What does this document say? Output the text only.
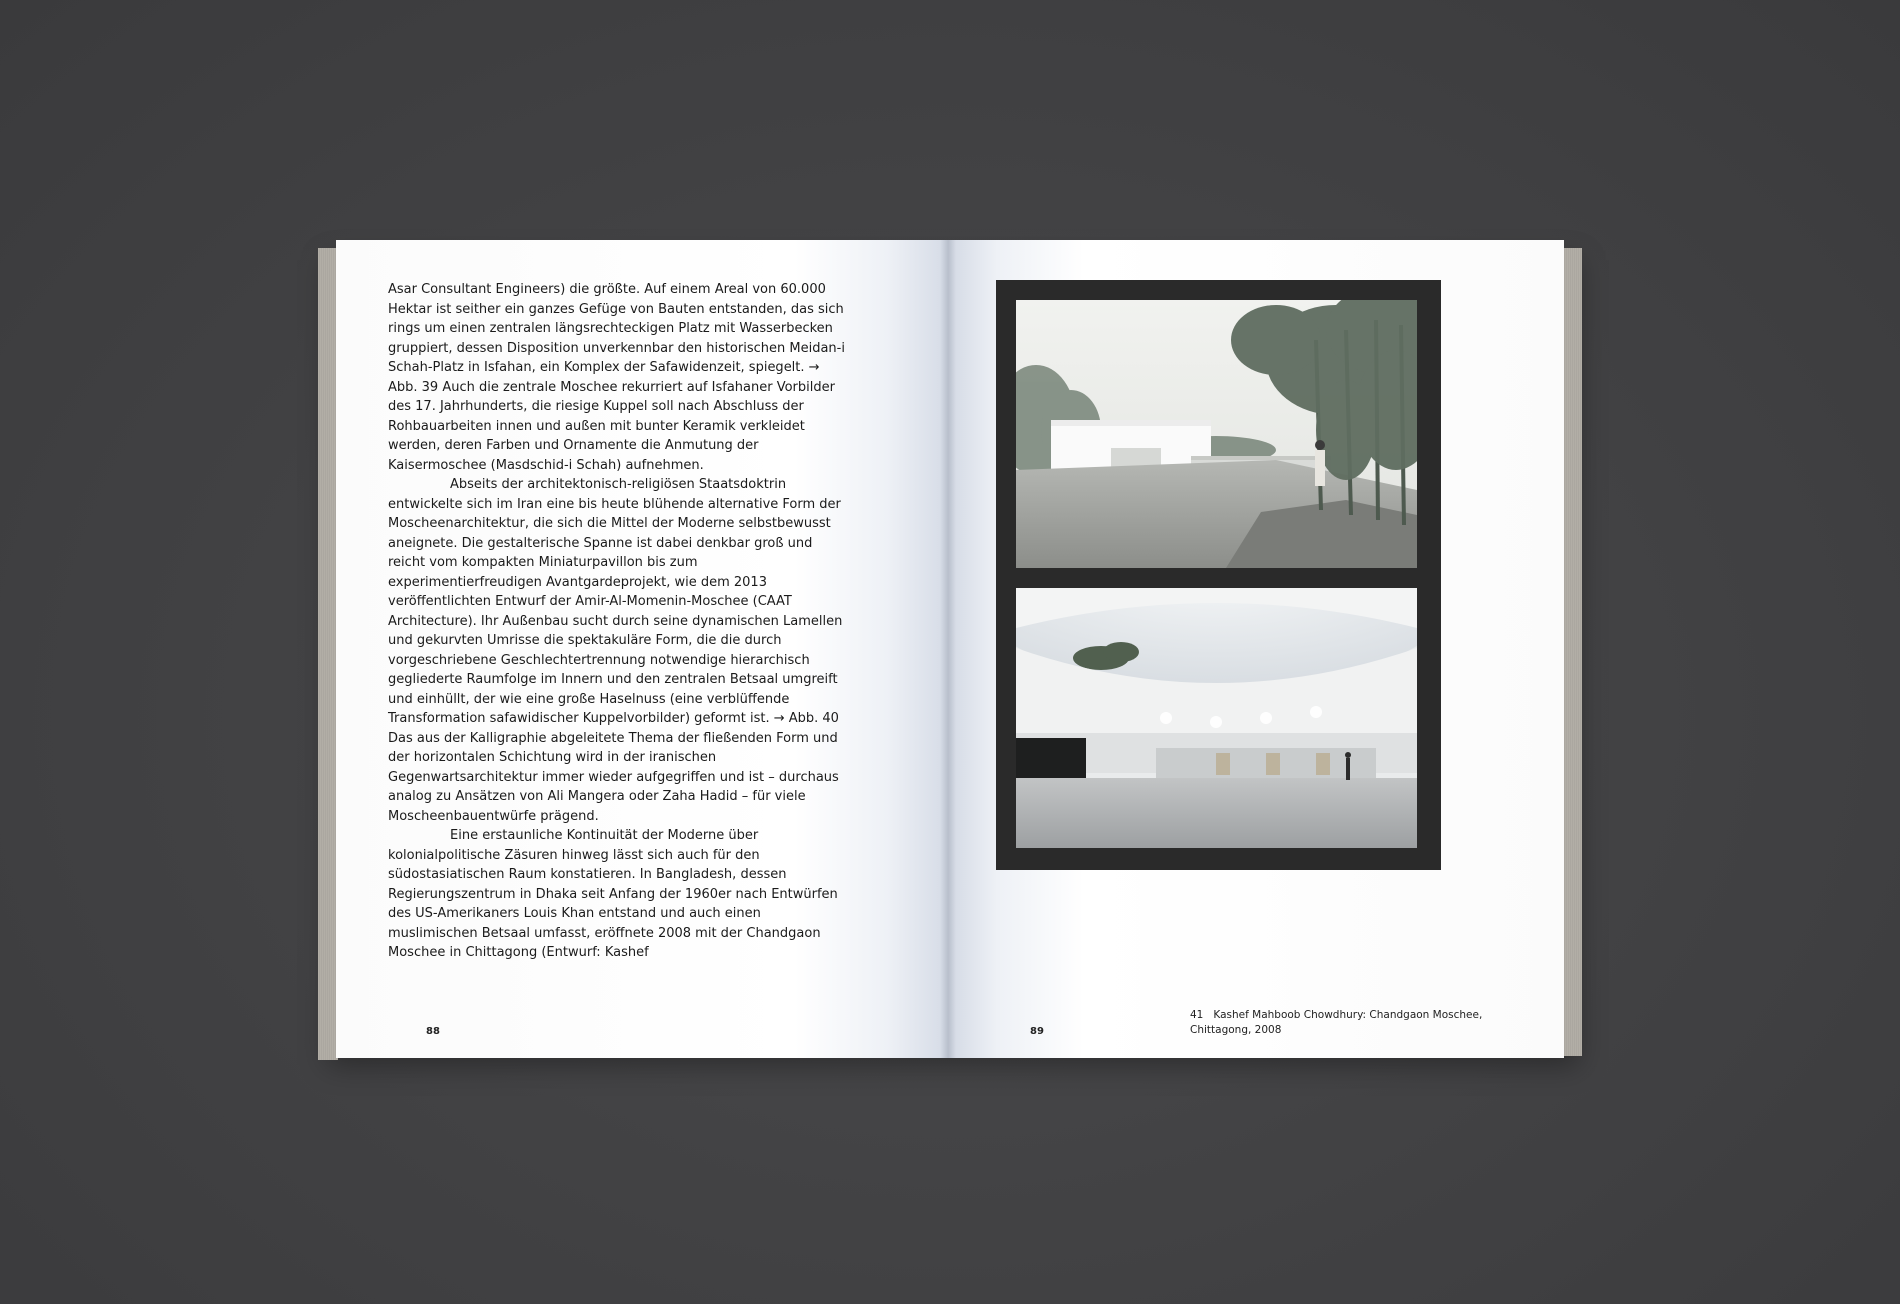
Asar Consultant Engineers) die größte. Auf einem Areal von 60.000 Hektar ist seither ein ganzes Gefüge von Bauten entstanden, das sich rings um einen zentralen längsrechteckigen Platz mit Wasserbecken gruppiert, dessen Disposition unverkennbar den historischen Meidan-i Schah-Platz in Isfahan, ein Komplex der Safawidenzeit, spiegelt. → Abb. 39 Auch die zentrale Moschee rekurriert auf Isfahaner Vorbilder des 17. Jahrhunderts, die riesige Kuppel soll nach Abschluss der Rohbauarbeiten innen und außen mit bunter Keramik verkleidet werden, deren Farben und Ornamente die Anmutung der Kaisermoschee (Masdschid-i Schah) aufnehmen.

Abseits der architektonisch-religiösen Staatsdoktrin entwickelte sich im Iran eine bis heute blühende alternative Form der Moscheenarchitektur, die sich die Mittel der Moderne selbstbewusst aneignete. Die gestalterische Spanne ist dabei denkbar groß und reicht vom kompakten Miniaturpavillon bis zum experimentierfreudigen Avantgardeprojekt, wie dem 2013 veröffentlichten Entwurf der Amir-Al-Momenin-Moschee (CAAT Architecture). Ihr Außenbau sucht durch seine dynamischen Lamellen und gekurvten Umrisse die spektakuläre Form, die die durch vorgeschriebene Geschlechtertrennung notwendige hierarchisch gegliederte Raumfolge im Innern und den zentralen Betsaal umgreift und einhüllt, der wie eine große Haselnuss (eine verblüffende Transformation safawidischer Kuppelvorbilder) geformt ist. → Abb. 40 Das aus der Kalligraphie abgeleitete Thema der fließenden Form und der horizontalen Schichtung wird in der iranischen Gegenwartsarchitektur immer wieder aufgegriffen und ist – durchaus analog zu Ansätzen von Ali Mangera oder Zaha Hadid – für viele Moscheenbauentwürfe prägend.

Eine erstaunliche Kontinuität der Moderne über kolonialpolitische Zäsuren hinweg lässt sich auch für den südostasiatischen Raum konstatieren. In Bangladesh, dessen Regierungszentrum in Dhaka seit Anfang der 1960er nach Entwürfen des US-Amerikaners Louis Khan entstand und auch einen muslimischen Betsaal umfasst, eröffnete 2008 mit der Chandgaon Moschee in Chittagong (Entwurf: Kashef

88	89
41 Kashef Mahboob Chowdhury: Chandgaon Moschee, Chittagong, 2008
